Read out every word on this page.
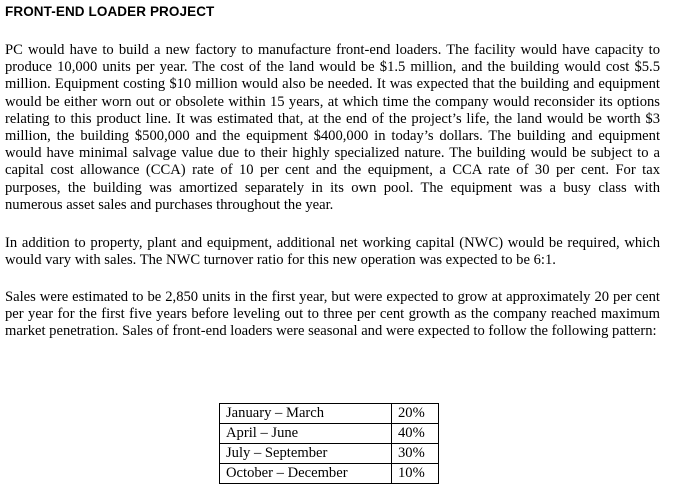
FRONT-END LOADER PROJECT

PC would have to build a new factory to manufacture front-end loaders. The facility would have capacity to produce 10,000 units per year. The cost of the land would be $1.5 million, and the building would cost $5.5 million. Equipment costing $10 million would also be needed. It was expected that the building and equipment would be either worn out or obsolete within 15 years, at which time the company would reconsider its options relating to this product line. It was estimated that, at the end of the project’s life, the land would be worth $3 million, the building $500,000 and the equipment $400,000 in today’s dollars. The building and equipment would have minimal salvage value due to their highly specialized nature. The building would be subject to a capital cost allowance (CCA) rate of 10 per cent and the equipment, a CCA rate of 30 per cent. For tax purposes, the building was amortized separately in its own pool. The equipment was a busy class with numerous asset sales and purchases throughout the year.

In addition to property, plant and equipment, additional net working capital (NWC) would be required, which would vary with sales. The NWC turnover ratio for this new operation was expected to be 6:1.

Sales were estimated to be 2,850 units in the first year, but were expected to grow at approximately 20 per cent per year for the first five years before leveling out to three per cent growth as the company reached maximum market penetration. Sales of front-end loaders were seasonal and were expected to follow the following pattern:

January – March	20%
April – June	40%
July – September	30%
October – December	10%
